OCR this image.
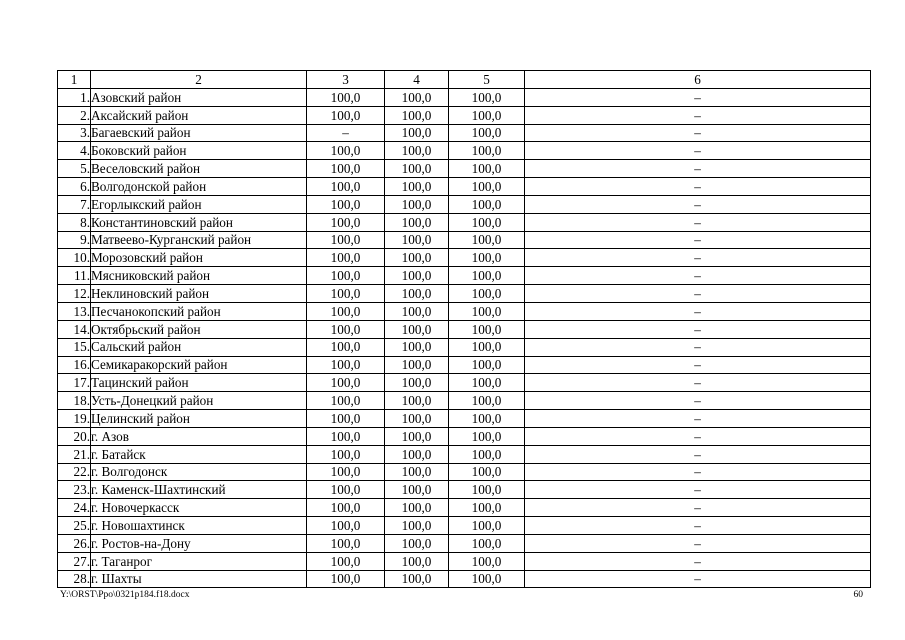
1	2	3	4	5	6
1.	Азовский район	100,0	100,0	100,0	–
2.	Аксайский район	100,0	100,0	100,0	–
3.	Багаевский район	–	100,0	100,0	–
4.	Боковский район	100,0	100,0	100,0	–
5.	Веселовский район	100,0	100,0	100,0	–
6.	Волгодонской район	100,0	100,0	100,0	–
7.	Егорлыкский район	100,0	100,0	100,0	–
8.	Константиновский район	100,0	100,0	100,0	–
9.	Матвеево-Курганский район	100,0	100,0	100,0	–
10.	Морозовский район	100,0	100,0	100,0	–
11.	Мясниковский район	100,0	100,0	100,0	–
12.	Неклиновский район	100,0	100,0	100,0	–
13.	Песчанокопский район	100,0	100,0	100,0	–
14.	Октябрьский район	100,0	100,0	100,0	–
15.	Сальский район	100,0	100,0	100,0	–
16.	Семикаракорский район	100,0	100,0	100,0	–
17.	Тацинский район	100,0	100,0	100,0	–
18.	Усть-Донецкий район	100,0	100,0	100,0	–
19.	Целинский район	100,0	100,0	100,0	–
20.	г. Азов	100,0	100,0	100,0	–
21.	г. Батайск	100,0	100,0	100,0	–
22.	г. Волгодонск	100,0	100,0	100,0	–
23.	г. Каменск-Шахтинский	100,0	100,0	100,0	–
24.	г. Новочеркасск	100,0	100,0	100,0	–
25.	г. Новошахтинск	100,0	100,0	100,0	–
26.	г. Ростов-на-Дону	100,0	100,0	100,0	–
27.	г. Таганрог	100,0	100,0	100,0	–
28.	г. Шахты	100,0	100,0	100,0	–
Y:\ORST\Ppo\0321p184.f18.docx	60
